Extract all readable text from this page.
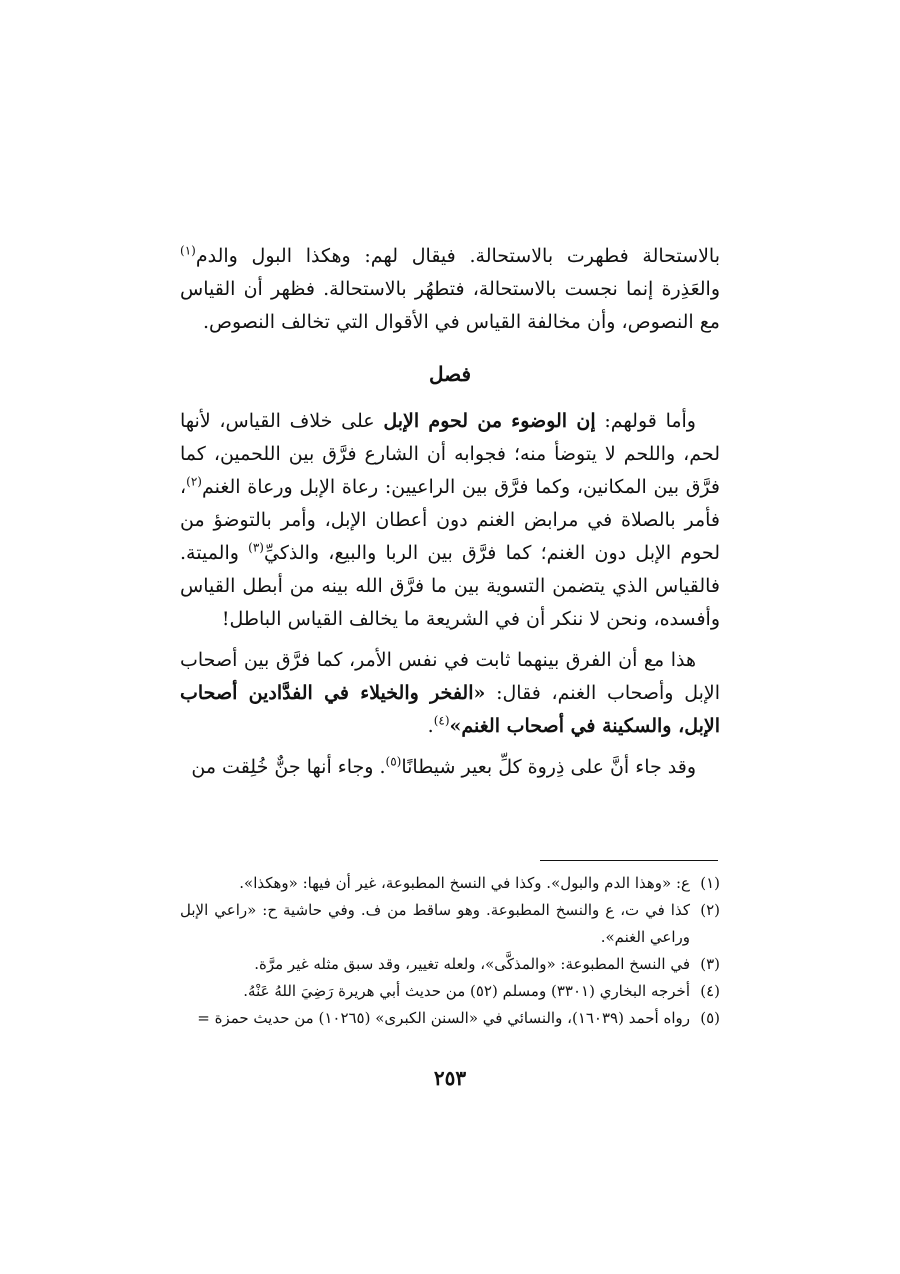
بالاستحالة فطهرت بالاستحالة. فيقال لهم: وهكذا البول والدم$^{(١)}$ والعَذِرة إنما نجست بالاستحالة، فتطهُر بالاستحالة. فظهر أن القياس مع النصوص، وأن مخالفة القياس في الأقوال التي تخالف النصوص.

فصل

وأما قولهم: إن الوضوء من لحوم الإبل على خلاف القياس، لأنها لحم، واللحم لا يتوضأ منه؛ فجوابه أن الشارع فرَّق بين اللحمين، كما فرَّق بين المكانين، وكما فرَّق بين الراعيين: رعاة الإبل ورعاة الغنم$^{(٢)}$، فأمر بالصلاة في مرابض الغنم دون أعطان الإبل، وأمر بالتوضؤ من لحوم الإبل دون الغنم؛ كما فرَّق بين الربا والبيع، والذكيِّ$^{(٣)}$ والميتة. فالقياس الذي يتضمن التسوية بين ما فرَّق الله بينه من أبطل القياس وأفسده، ونحن لا ننكر أن في الشريعة ما يخالف القياس الباطل!

هذا مع أن الفرق بينهما ثابت في نفس الأمر، كما فرَّق بين أصحاب الإبل وأصحاب الغنم، فقال: «الفخر والخيلاء في الفدَّادين أصحاب الإبل، والسكينة في أصحاب الغنم»$^{(٤)}$.

وقد جاء أنَّ على ذِروة كلِّ بعير شيطانًا$^{(٥)}$. وجاء أنها جنٌّ خُلِقت من

(١)
ع: «وهذا الدم والبول». وكذا في النسخ المطبوعة، غير أن فيها: «وهكذا».
(٢)
كذا في ت، ع والنسخ المطبوعة. وهو ساقط من ف. وفي حاشية ح: «راعي الإبل وراعي الغنم».
(٣)
في النسخ المطبوعة: «والمذكَّى»، ولعله تغيير، وقد سبق مثله غير مرَّة.
(٤)
أخرجه البخاري (٣٣٠١) ومسلم (٥٢) من حديث أبي هريرة رَضِيَ اللهُ عَنْهُ.
(٥)
رواه أحمد (١٦٠٣٩)، والنسائي في «السنن الكبرى» (١٠٢٦٥) من حديث حمزة =
٢٥٣
